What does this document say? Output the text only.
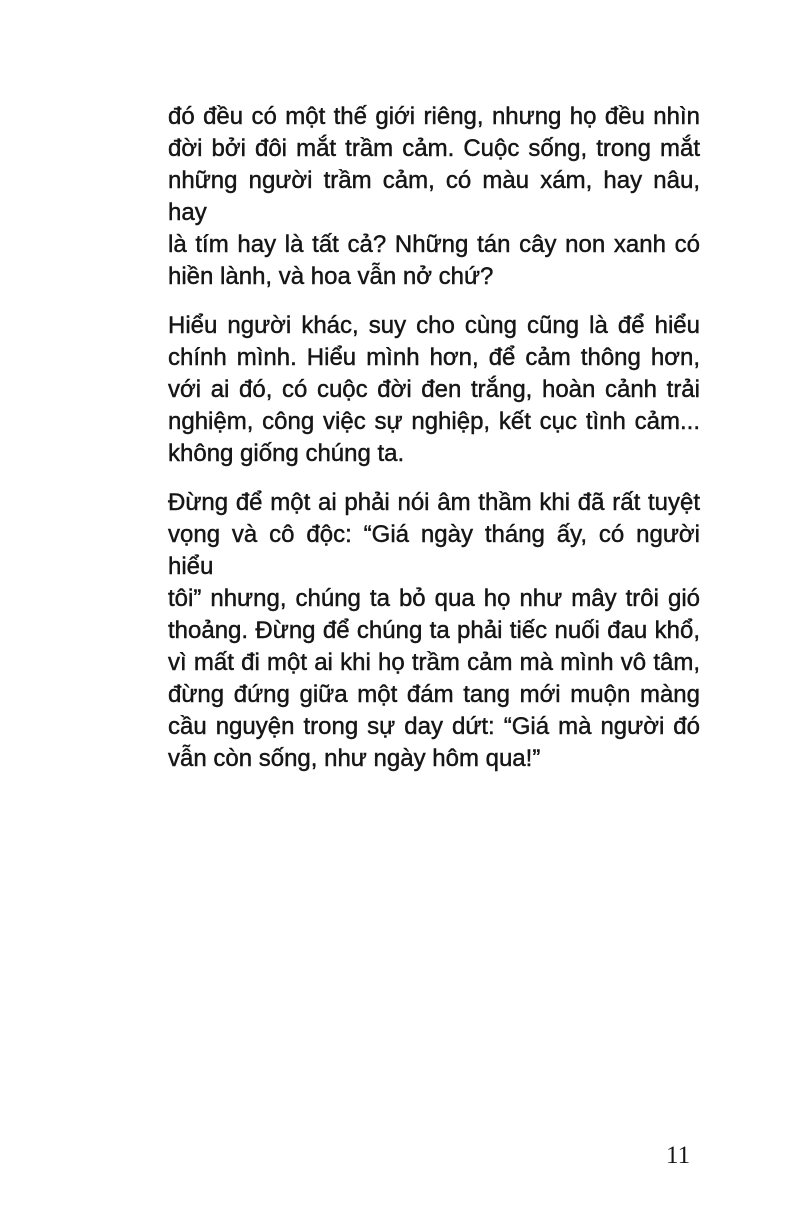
đó đều có một thế giới riêng, nhưng họ đều nhìn
đời bởi đôi mắt trầm cảm. Cuộc sống, trong mắt
những người trầm cảm, có màu xám, hay nâu, hay
là tím hay là tất cả? Những tán cây non xanh có
hiền lành, và hoa vẫn nở chứ?

Hiểu người khác, suy cho cùng cũng là để hiểu
chính mình. Hiểu mình hơn, để cảm thông hơn,
với ai đó, có cuộc đời đen trắng, hoàn cảnh trải
nghiệm, công việc sự nghiệp, kết cục tình cảm...
không giống chúng ta.

Đừng để một ai phải nói âm thầm khi đã rất tuyệt
vọng và cô độc: “Giá ngày tháng ấy, có người hiểu
tôi” nhưng, chúng ta bỏ qua họ như mây trôi gió
thoảng. Đừng để chúng ta phải tiếc nuối đau khổ,
vì mất đi một ai khi họ trầm cảm mà mình vô tâm,
đừng đứng giữa một đám tang mới muộn màng
cầu nguyện trong sự day dứt: “Giá mà người đó
vẫn còn sống, như ngày hôm qua!”

11
